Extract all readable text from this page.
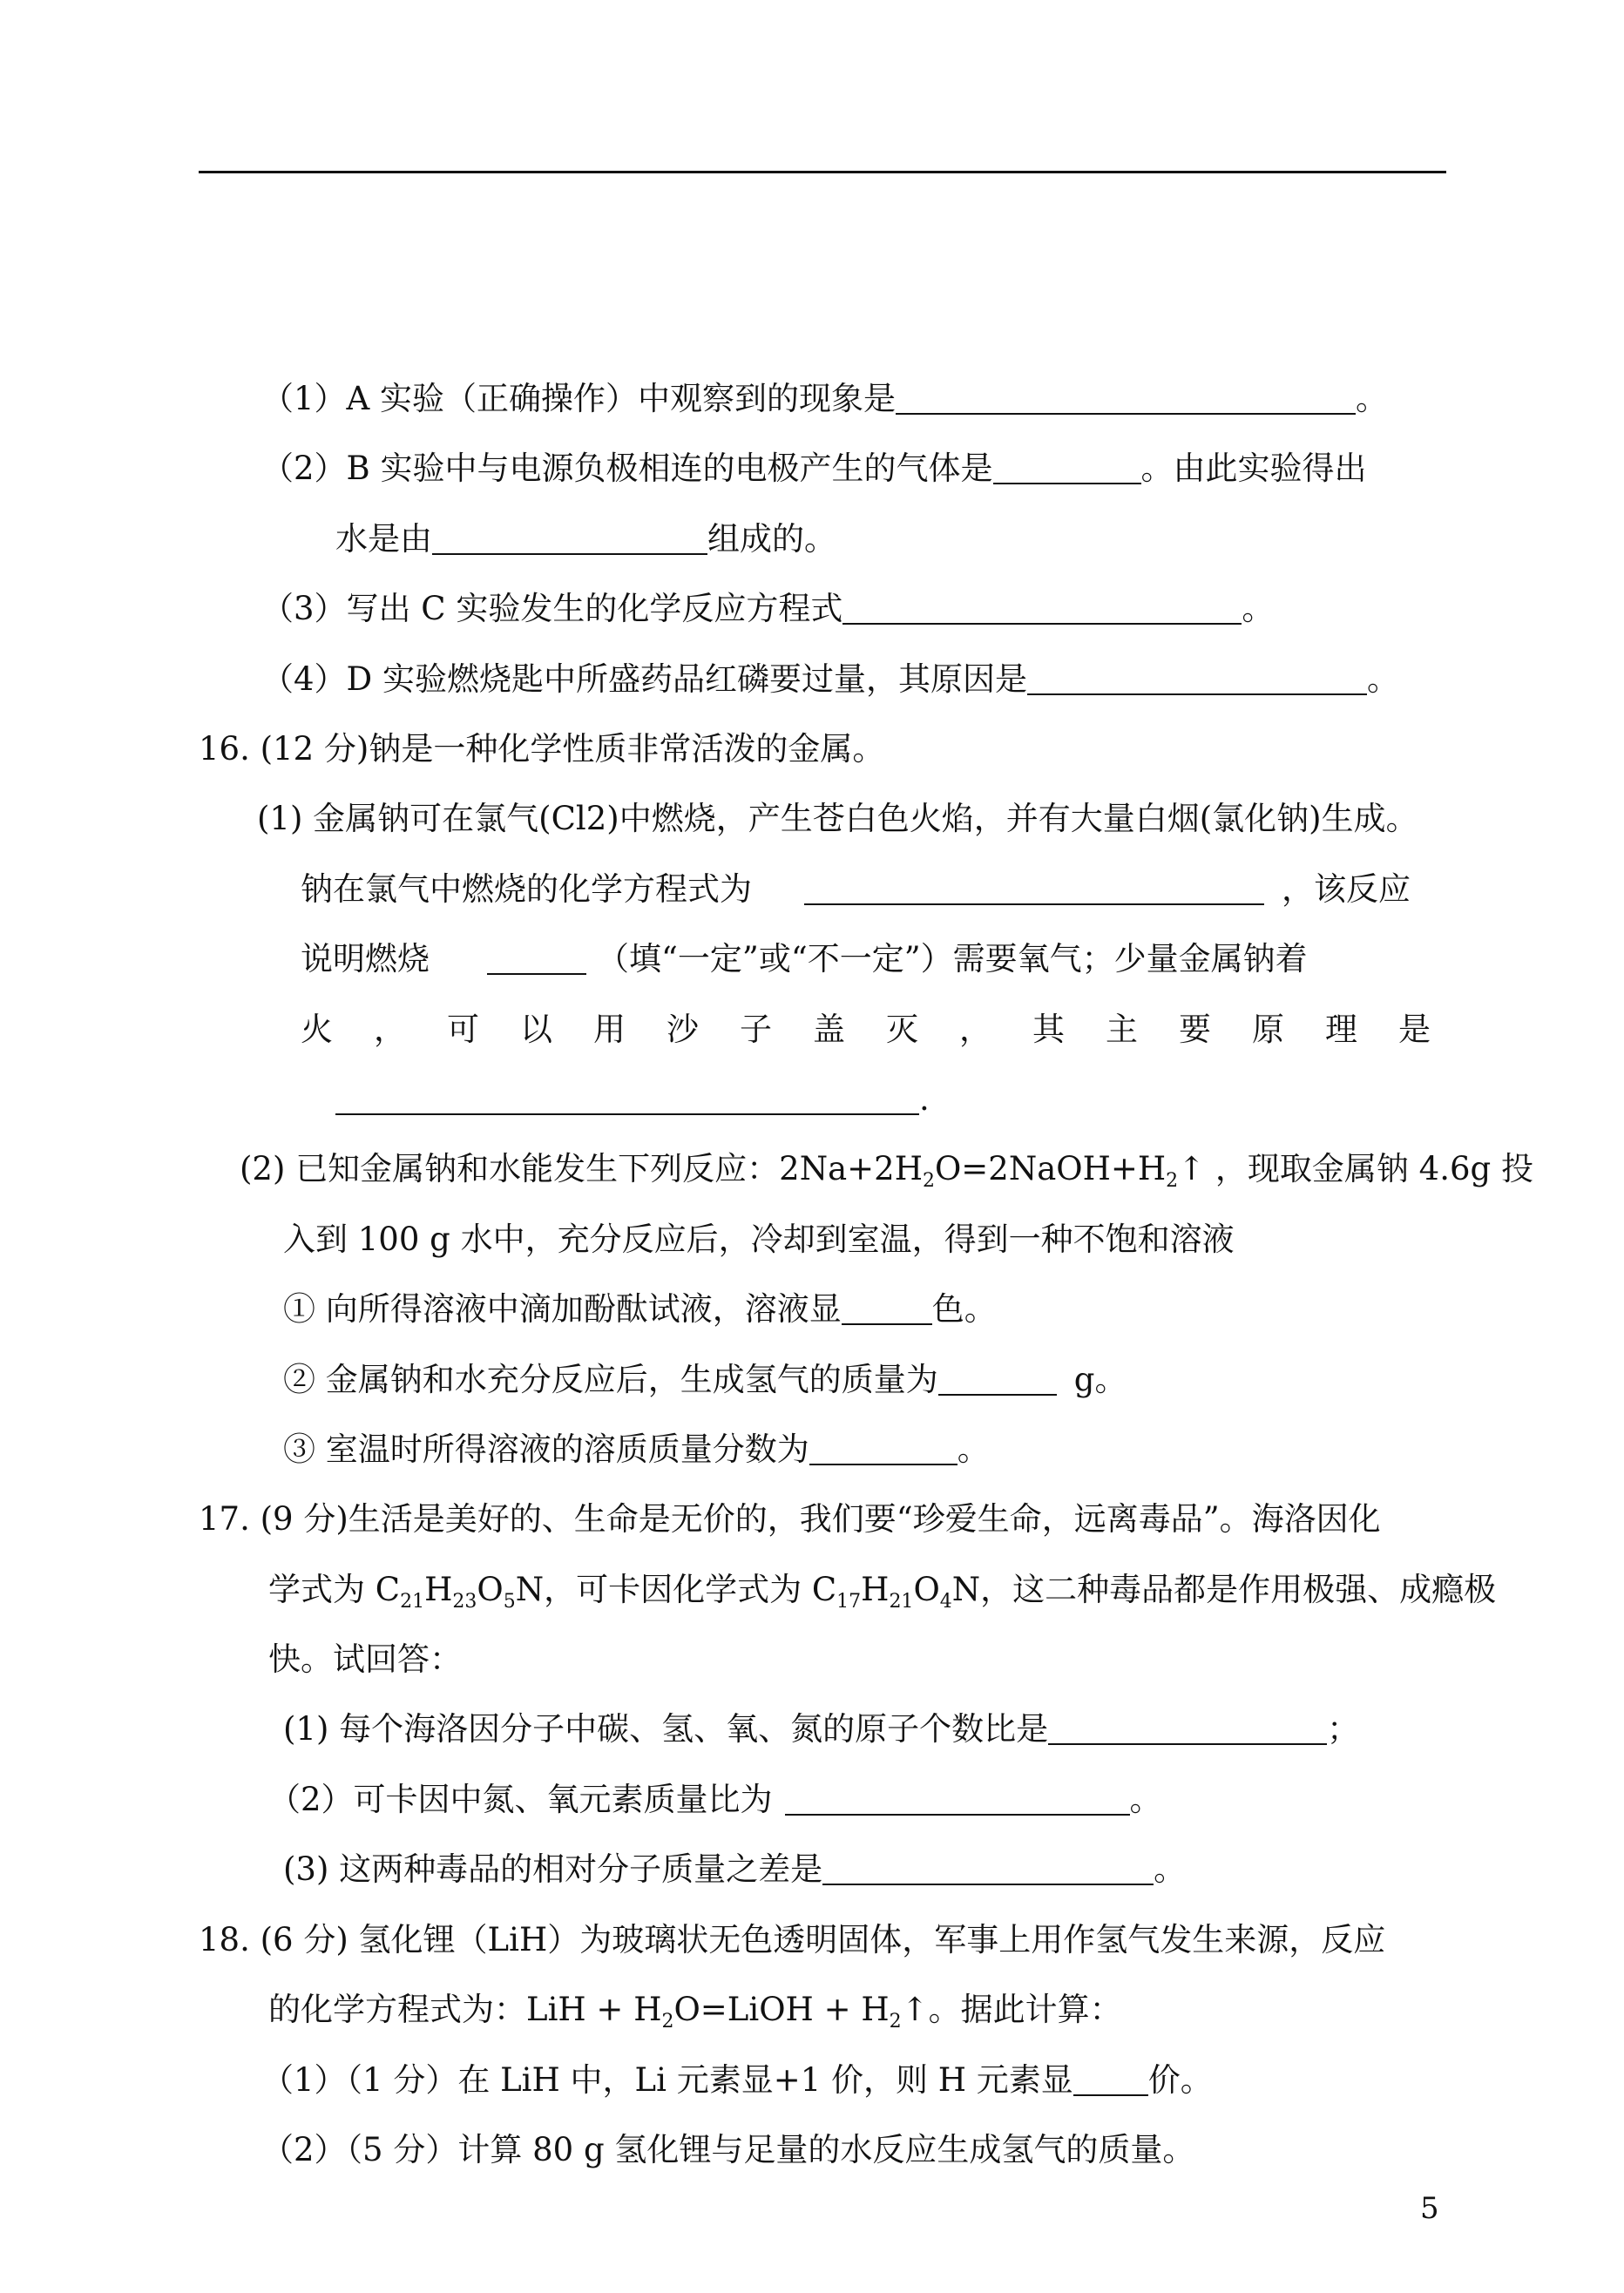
（1）A 实验（正确操作）中观察到的现象是	。
（2）B 实验中与电源负极相连的电极产生的气体是	。由此实验得出
水是由	组成的。
（3）写出 C 实验发生的化学反应方程式	。
（4）D 实验燃烧匙中所盛药品红磷要过量，其原因是	。
16. (12 分)钠是一种化学性质非常活泼的金属。
(1) 金属钠可在氯气(Cl2)中燃烧，产生苍白色火焰，并有大量白烟(氯化钠)生成。
钠在氯气中燃烧的化学方程式为	，该反应
说明燃烧	（填“一定”或“不一定”）需要氧气；少量金属钠着
火，可以用沙子盖灭，其主要原理是
.
(2) 已知金属钠和水能发生下列反应：$2Na+2H_2O=2NaOH+H_2↑$ ，现取金属钠 4.6g 投
入到 100 g 水中，充分反应后，冷却到室温，得到一种不饱和溶液
① 向所得溶液中滴加酚酞试液，溶液显	色。
② 金属钠和水充分反应后，生成氢气的质量为	g。
③ 室温时所得溶液的溶质质量分数为	。
17. (9 分)生活是美好的、生命是无价的，我们要“珍爱生命，远离毒品”。海洛因化
学式为 $C_{21}H_{23}O_5N$，可卡因化学式为 $C_{17}H_{21}O_4N$，这二种毒品都是作用极强、成瘾极
快。试回答：
(1) 每个海洛因分子中碳、氢、氧、氮的原子个数比是	；
（2）可卡因中氮、氧元素质量比为	。
(3) 这两种毒品的相对分子质量之差是	。
18. (6 分) 氢化锂（LiH）为玻璃状无色透明固体，军事上用作氢气发生来源，反应
的化学方程式为：LiH + $H_2O=LiOH$ + $H_2↑$。据此计算：
（1）（1 分）在 LiH 中，Li 元素显+1 价，则 H 元素显 价。
（2）（5 分）计算 80 g 氢化锂与足量的水反应生成氢气的质量。
5
